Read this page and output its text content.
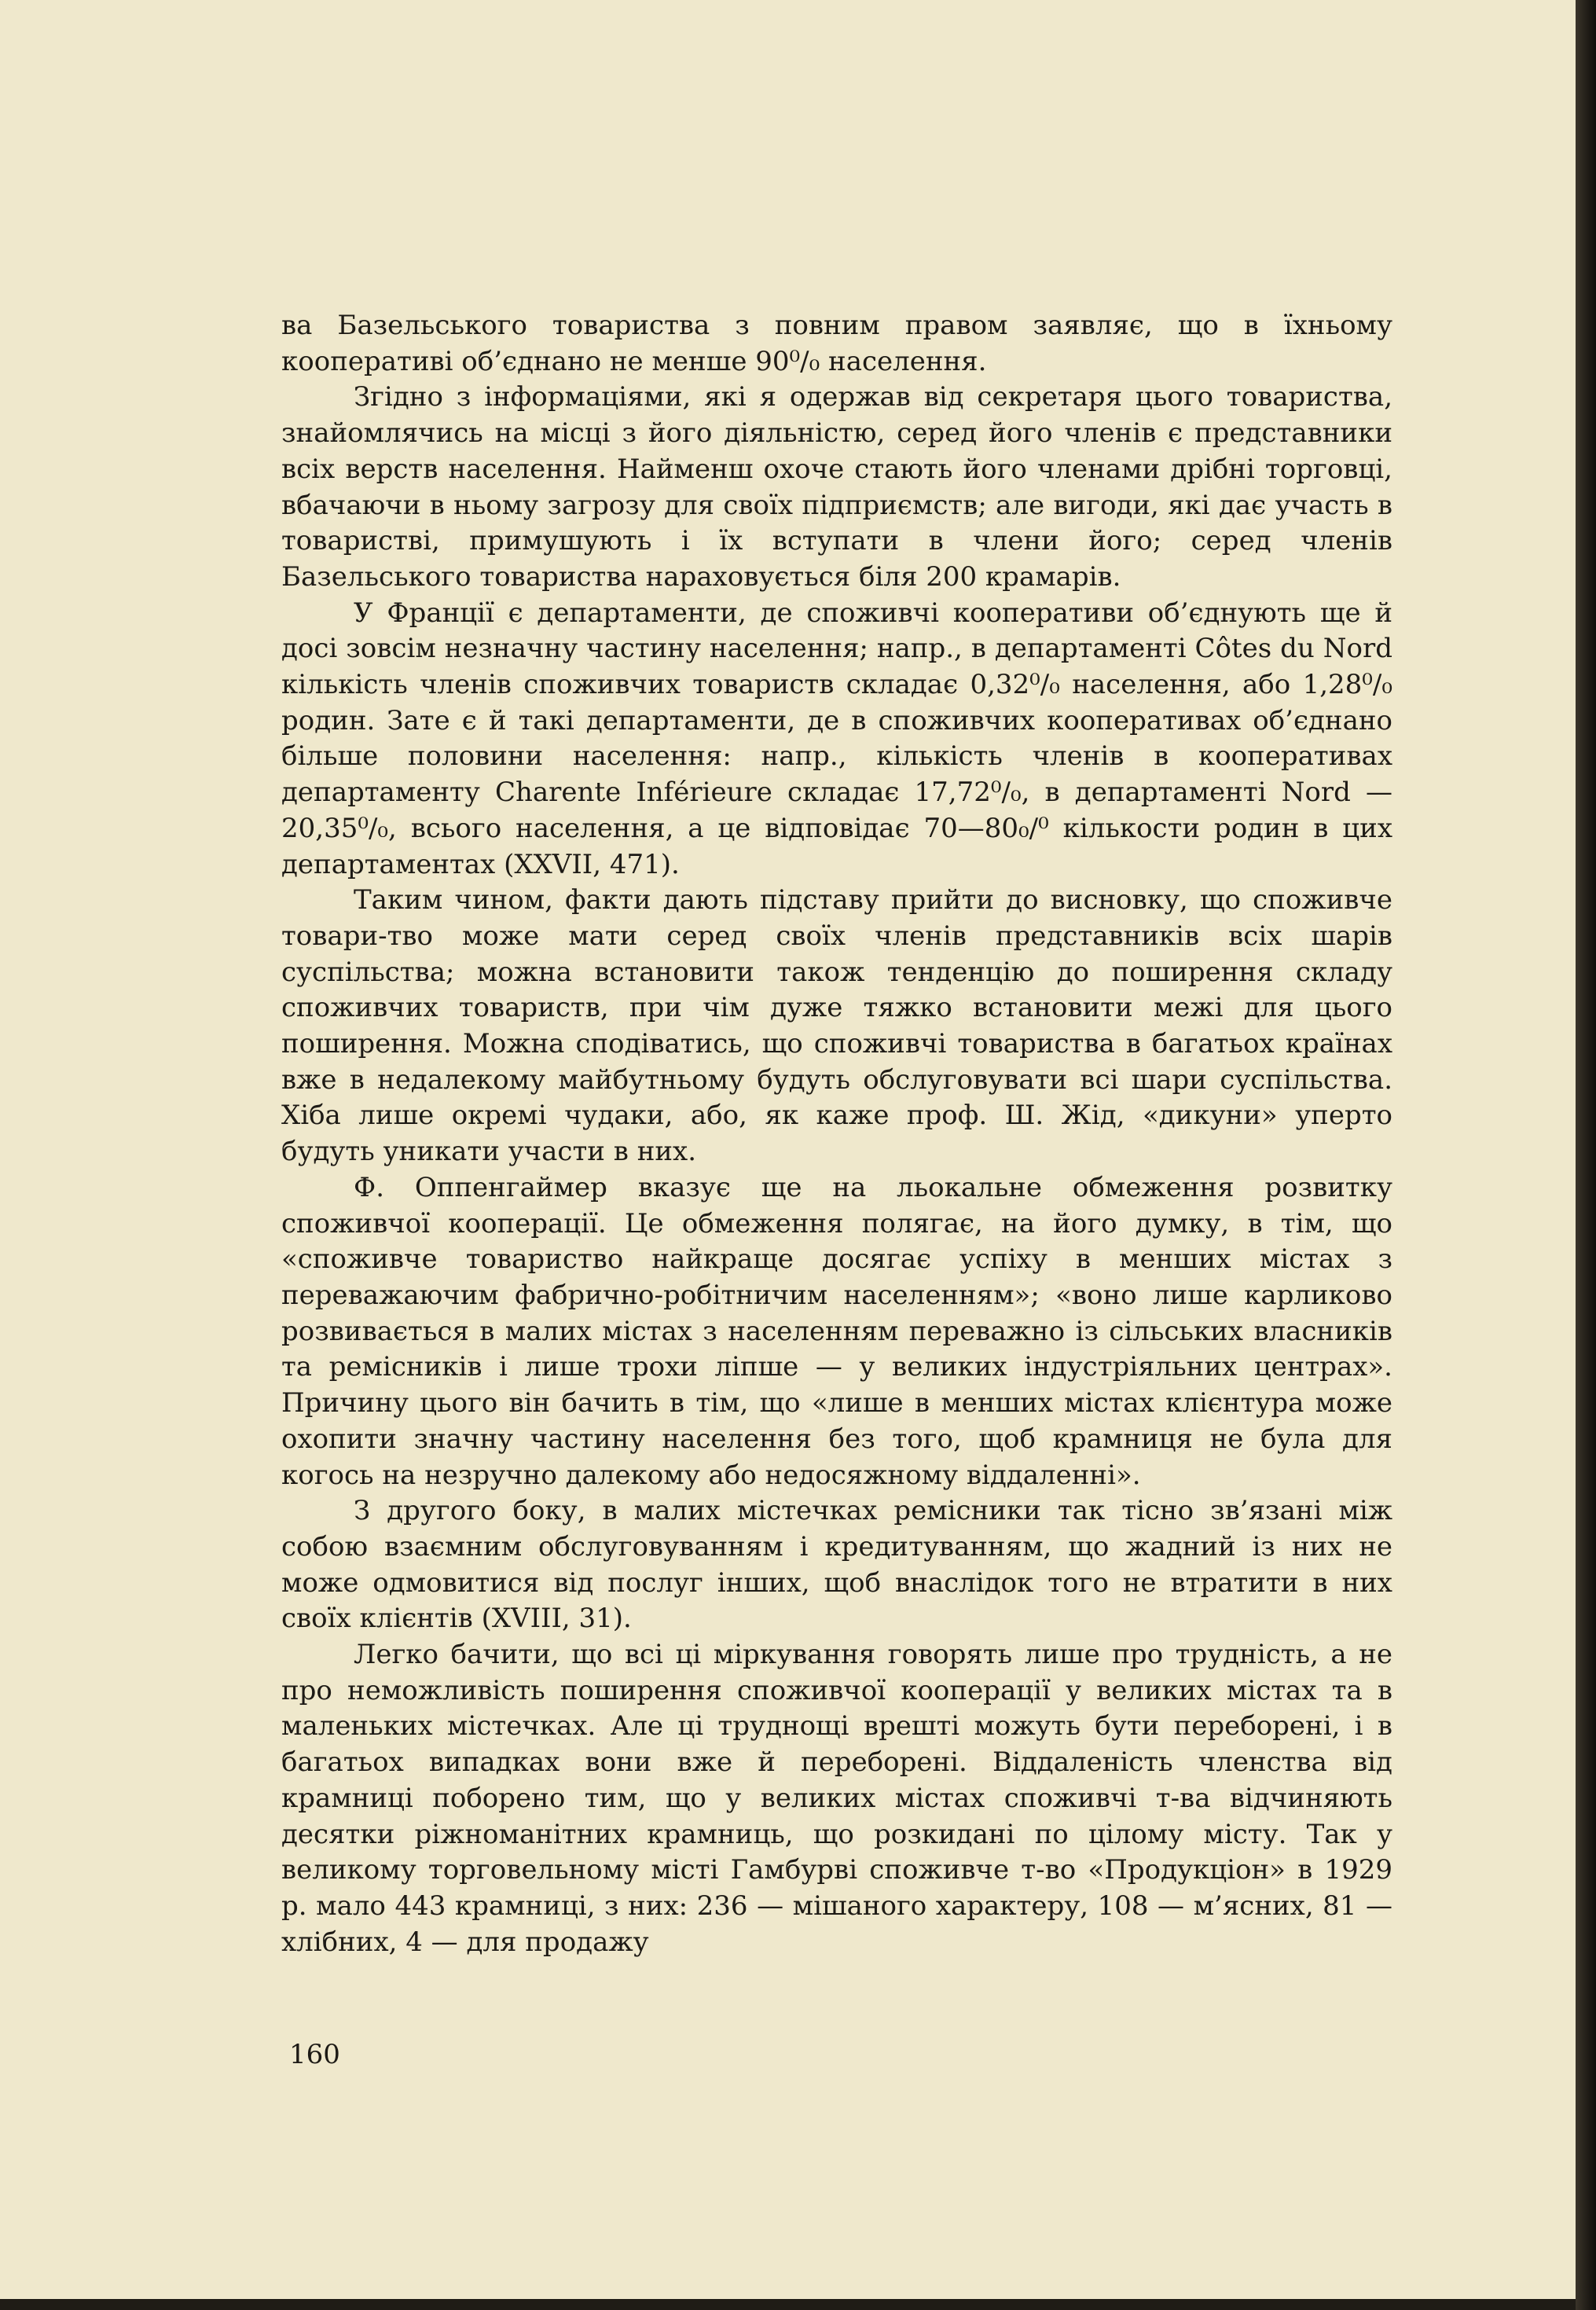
ва Базельського товариства з повним правом заявляє, що в їхньому кооперативі об’єднано не менше 90⁰/₀ населення.

Згідно з інформаціями, які я одержав від секретаря цього товариства, знайомлячись на місці з його діяльністю, серед його членів є представники всіх верств населення. Найменш охоче стають його членами дрібні торговці, вбачаючи в ньому загрозу для своїх підприємств; але вигоди, які дає участь в товаристві, примушують і їх вступати в члени його; серед членів Базельського товариства нараховується біля 200 крамарів.

У Франції є департаменти, де споживчі кооперативи об’єднують ще й досі зовсім незначну частину населення; напр., в департаменті Côtes du Nord кількість членів споживчих товариств складає 0,32⁰/₀ населення, або 1,28⁰/₀ родин. Зате є й такі департаменти, де в споживчих кооперативах об’єднано більше половини населення: напр., кількість членів в кооперативах департаменту Charente Inférieure складає 17,72⁰/₀, в департаменті Nord — 20,35⁰/₀, всього населення, а це відповідає 70—80₀/⁰ кількости родин в цих департаментах (XXVII, 471).

Таким чином, факти дають підставу прийти до висновку, що споживче товари-тво може мати серед своїх членів представників всіх шарів суспільства; можна встановити також тенденцію до поширення складу споживчих товариств, при чім дуже тяжко встановити межі для цього поширення. Можна сподіватись, що споживчі товариства в багатьох країнах вже в недалекому майбутньому будуть обслуговувати всі шари суспільства. Хіба лише окремі чудаки, або, як каже проф. Ш. Жід, «дикуни» уперто будуть уникати участи в них.

Ф. Оппенгаймер вказує ще на льокальне обмеження розвитку споживчої кооперації. Це обмеження полягає, на його думку, в тім, що «споживче товариство найкраще досягає успіху в менших містах з переважаючим фабрично-робітничим населенням»; «воно лише карликово розвивається в малих містах з населенням переважно із сільських власників та ремісників і лише трохи ліпше — у великих індустріяльних центрах». Причину цього він бачить в тім, що «лише в менших містах клієнтура може охопити значну частину населення без того, щоб крамниця не була для когось на незручно далекому або недосяжному віддаленні».

З другого боку, в малих містечках ремісники так тісно зв’язані між собою взаємним обслуговуванням і кредитуванням, що жадний із них не може одмовитися від послуг інших, щоб внаслідок того не втратити в них своїх клієнтів (XVIII, 31).

Легко бачити, що всі ці міркування говорять лише про трудність, а не про неможливість поширення споживчої кооперації у великих містах та в маленьких містечках. Але ці труднощі врешті можуть бути переборені, і в багатьох випадках вони вже й переборені. Віддаленість членства від крамниці поборено тим, що у великих містах споживчі т-ва відчиняють десятки ріжноманітних крамниць, що розкидані по цілому місту. Так у великому торговельному місті Гамбурві споживче т-во «Продукціон» в 1929 р. мало 443 крамниці, з них: 236 — мішаного характеру, 108 — м’ясних, 81 — хлібних, 4 — для продажу

160
